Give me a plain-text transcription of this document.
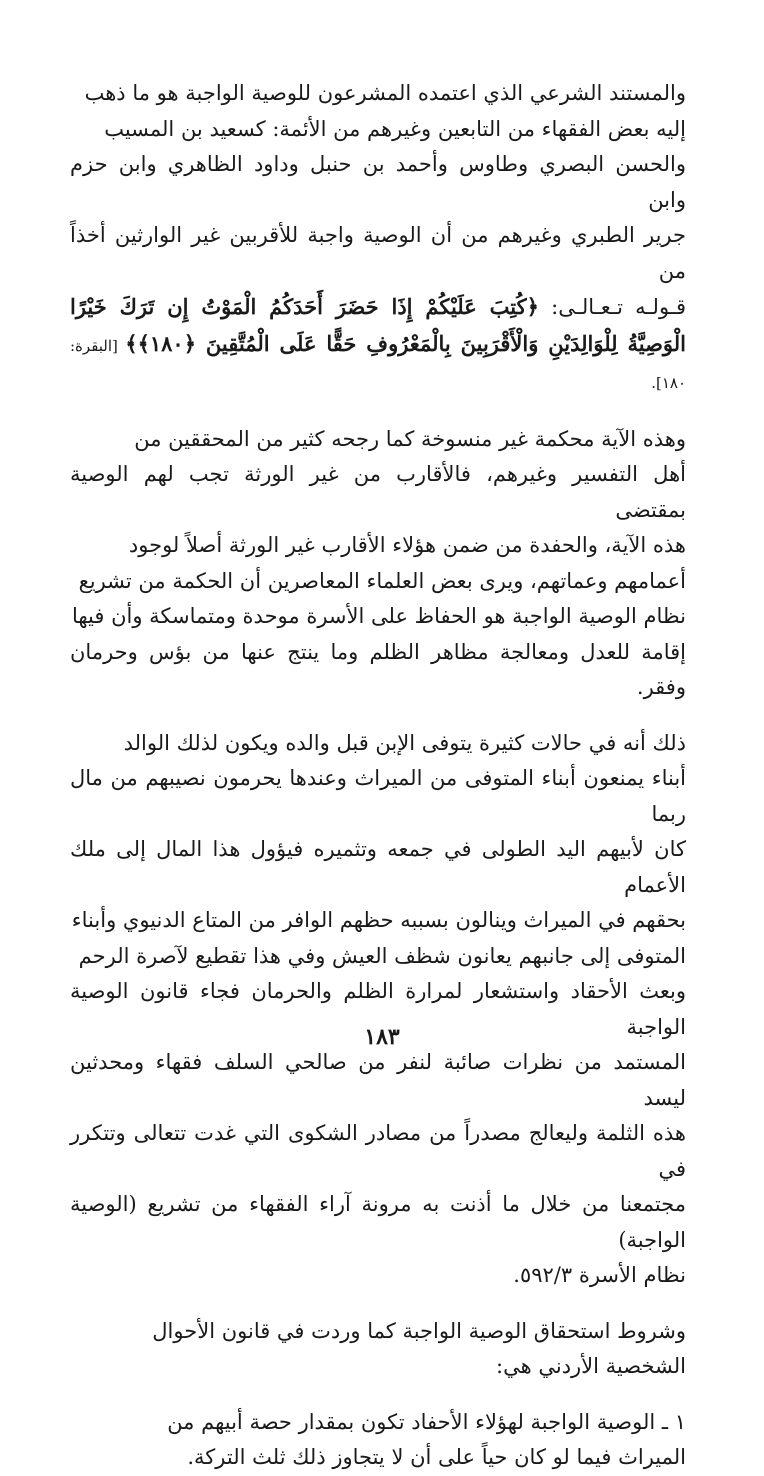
والمستند الشرعي الذي اعتمده المشرعون للوصية الواجبة هو ما ذهب
إليه بعض الفقهاء من التابعين وغيرهم من الأئمة: كسعيد بن المسيب
والحسن البصري وطاوس وأحمد بن حنبل وداود الظاهري وابن حزم وابن
جرير الطبري وغيرهم من أن الوصية واجبة للأقربين غير الوارثين أخذاً من
قـولـه تـعـالـى: ﴿كُتِبَ عَلَيْكُمْ إِذَا حَضَرَ أَحَدَكُمُ الْمَوْتُ إِن تَرَكَ خَيْرًا الْوَصِيَّةُ لِلْوَالِدَيْنِ وَالْأَقْرَبِينَ بِالْمَعْرُوفِ حَقًّا عَلَى الْمُتَّقِينَ ﴿١٨٠﴾﴾ [البقرة: ١٨٠].

وهذه الآية محكمة غير منسوخة كما رجحه كثير من المحققين من
أهل التفسير وغيرهم، فالأقارب من غير الورثة تجب لهم الوصية بمقتضى
هذه الآية، والحفدة من ضمن هؤلاء الأقارب غير الورثة أصلاً لوجود
أعمامهم وعماتهم، ويرى بعض العلماء المعاصرين أن الحكمة من تشريع
نظام الوصية الواجبة هو الحفاظ على الأسرة موحدة ومتماسكة وأن فيها
إقامة للعدل ومعالجة مظاهر الظلم وما ينتج عنها من بؤس وحرمان وفقر.

ذلك أنه في حالات كثيرة يتوفى الإبن قبل والده ويكون لذلك الوالد
أبناء يمنعون أبناء المتوفى من الميراث وعندها يحرمون نصيبهم من مال ربما
كان لأبيهم اليد الطولى في جمعه وتثميره فيؤول هذا المال إلى ملك الأعمام
بحقهم في الميراث وينالون بسببه حظهم الوافر من المتاع الدنيوي وأبناء
المتوفى إلى جانبهم يعانون شظف العيش وفي هذا تقطيع لآصرة الرحم
وبعث الأحقاد واستشعار لمرارة الظلم والحرمان فجاء قانون الوصية الواجبة
المستمد من نظرات صائبة لنفر من صالحي السلف فقهاء ومحدثين ليسد
هذه الثلمة وليعالج مصدراً من مصادر الشكوى التي غدت تتعالى وتتكرر في
مجتمعنا من خلال ما أذنت به مرونة آراء الفقهاء من تشريع (الوصية الواجبة)
نظام الأسرة ٥٩٢/٣.

وشروط استحقاق الوصية الواجبة كما وردت في قانون الأحوال
الشخصية الأردني هي:

١ ـ الوصية الواجبة لهؤلاء الأحفاد تكون بمقدار حصة أبيهم من
الميراث فيما لو كان حياً على أن لا يتجاوز ذلك ثلث التركة.

١٨٣
